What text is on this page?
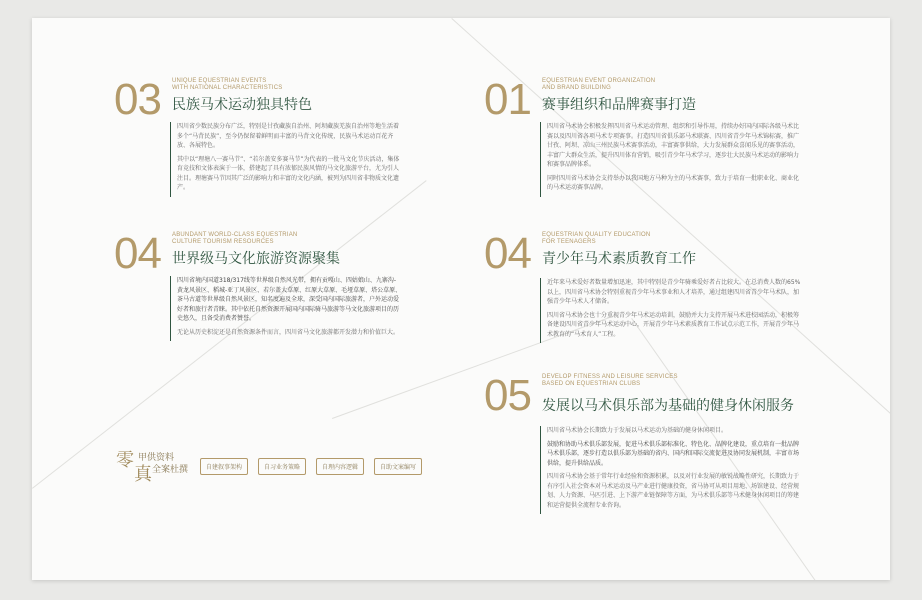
03 UNIQUE EQUESTRIAN EVENTS
WITH NATIONAL CHARACTERISTICS
民族马术运动独具特色

四川省少数民族分布广泛，特别是甘孜藏族自治州、阿坝藏族羌族自治州等地生活着多个“马背民族”，至今仍保留着鲜明而丰富的马背文化传统，民族马术运动百花齐放、各展特色。

其中以“理塘八一赛马节”、“若尔盖安多赛马节”为代表的一批马文化节庆活动，集体育竞技和文体表演于一体，搭建起了具有浓郁民族风情的马文化旅游平台，尤为引人注目。理塘赛马节因其广泛的影响力和丰富的文化内涵，被列为四川省非物质文化遗产。

04 ABUNDANT WORLD-CLASS EQUESTRIAN
CULTURE TOURISM RESOURCES
世界级马文化旅游资源聚集

四川省境内国道318/317线等世界级自然风光带，拥有贡嘎山、四姑娘山、九寨沟-黄龙风景区、稻城-亚丁风景区、若尔盖大草原、红原大草原、毛垭草原、塔公草原、茶马古道等世界级自然风景区，知名度遍及全球，深受国内国际旅游者，户外运动爱好者和旅行者青睐。其中依托自然资源开展国内国际骑马旅游等马文化旅游项目的历史悠久，且备受消费者赞誉。

无论从历史积淀还是自然资源条件而言，四川省马文化旅游都开发潜力和价值巨大。

01 EQUESTRIAN EVENT ORGANIZATION
AND BRAND BUILDING
赛事组织和品牌赛事打造

四川省马术协会积极发挥四川省马术运动管理、组织和引导作用，持续办好国内国际各级马术比赛以及四川省各项马术专项赛事。打造四川省俱乐部马术联赛、四川省青少年马术锦标赛，推广甘孜、阿坝、凉山三州民族马术赛事活动，丰富赛事供给，大力发展群众喜闻乐见的赛事活动，丰富广大群众生活，提升四川体育营销，吸引青少年马术学习，逐步壮大民族马术运动的影响力和赛事品牌体系。

同时四川省马术协会支持举办以我国地方马种为主的马术赛事，致力于培育一批职业化、商业化的马术运动赛事品牌。

04 EQUESTRIAN QUALITY EDUCATION
FOR TEENAGERS
青少年马术素质教育工作

近年来马术爱好者数量增加迅速，其中特别是青少年骑乘爱好者占比较大。在总消费人数的65%以上，四川省马术协会特别重视青少年马术事业和人才培养，通过组建四川省青少年马术队，加强青少年马术人才储备。

四川省马术协会也十分重视青少年马术运动培训，鼓励并大力支持开展马术进校园活动，积极筹备建设四川省青少年马术运动中心，开展青少年马术素质教育工作试点示范工作，开展青少年马术教育的“马术育人”工程。

05 DEVELOP FITNESS AND LEISURE SERVICES
BASED ON EQUESTRIAN CLUBS
发展以马术俱乐部为基础的健身休闲服务

四川省马术协会长期致力于发展以马术运动为基础的健身休闲项目。

鼓励和协助马术俱乐部发展，促进马术俱乐部标准化、特色化、品牌化建设，重点培育一批品牌马术俱乐部，逐步打造以俱乐部为基础的省内、国内和国际交流促进及协同发展机制，丰富市场供给，提升供给品质。

四川省马术协会基于常年行业经验和资源积累，以及对行业发展的敏锐战略性研究，长期致力于有序引入社会资本对马术运动及马产业进行健康投资，省马协可从项目用地、场馆建设、经营规划、人力资源、马匹引进、上下游产业链保障等方面，为马术俱乐部等马术健身休闲项目的筹建和运营提供全流程专业咨询。

零
真
甲供资料
全案杜撰	自建叙事架构	自习业务策略	自理内容逻辑	自助文案编写
